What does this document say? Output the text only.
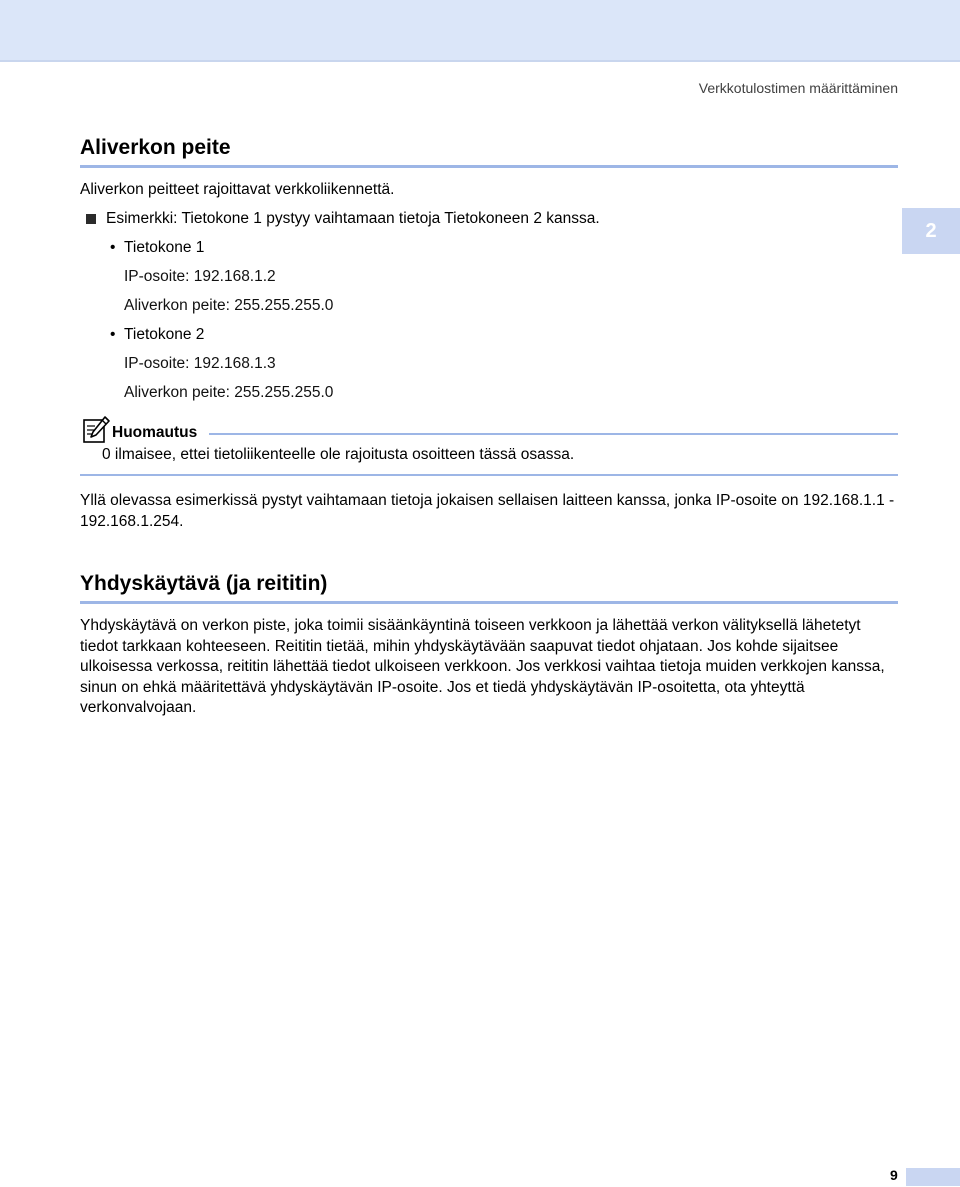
Verkkotulostimen määrittäminen
2
Aliverkon peite

Aliverkon peitteet rajoittavat verkkoliikennettä.

Esimerkki: Tietokone 1 pystyy vaihtamaan tietoja Tietokoneen 2 kanssa.
• Tietokone 1
IP-osoite: 192.168.1.2
Aliverkon peite: 255.255.255.0
• Tietokone 2
IP-osoite: 192.168.1.3
Aliverkon peite: 255.255.255.0
Huomautus
0 ilmaisee, ettei tietoliikenteelle ole rajoitusta osoitteen tässä osassa.

Yllä olevassa esimerkissä pystyt vaihtamaan tietoja jokaisen sellaisen laitteen kanssa, jonka IP-osoite on 192.168.1.1 - 192.168.1.254.

Yhdyskäytävä (ja reititin)

Yhdyskäytävä on verkon piste, joka toimii sisäänkäyntinä toiseen verkkoon ja lähettää verkon välityksellä lähetetyt tiedot tarkkaan kohteeseen. Reititin tietää, mihin yhdyskäytävään saapuvat tiedot ohjataan. Jos kohde sijaitsee ulkoisessa verkossa, reititin lähettää tiedot ulkoiseen verkkoon. Jos verkkosi vaihtaa tietoja muiden verkkojen kanssa, sinun on ehkä määritettävä yhdyskäytävän IP-osoite. Jos et tiedä yhdyskäytävän IP-osoitetta, ota yhteyttä verkonvalvojaan.

9
